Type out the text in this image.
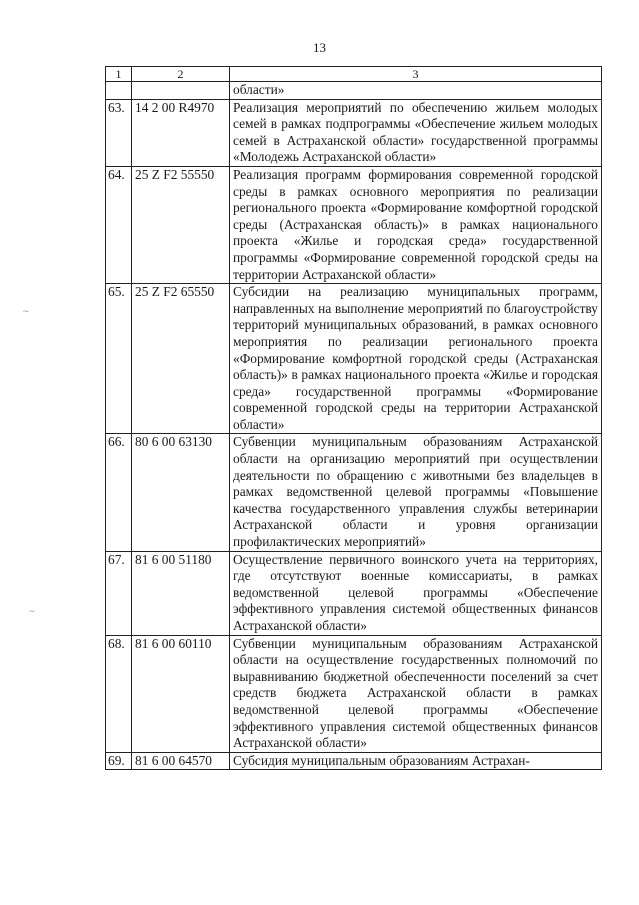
13
∼
∼
1	2	3
		области»
63.	14 2 00 R4970	Реализация мероприятий по обеспечению жильем молодых семей в рамках подпрограммы «Обеспечение жильем молодых семей в Астраханской области» государственной программы «Молодежь Астраханской области»
64.	25 Z F2 55550	Реализация программ формирования современной городской среды в рамках основного мероприятия по реализации регионального проекта «Формирование комфортной городской среды (Астраханская область)» в рамках национального проекта «Жилье и городская среда» государственной программы «Формирование современной городской среды на территории Астраханской области»
65.	25 Z F2 65550	Субсидии на реализацию муниципальных программ, направленных на выполнение мероприятий по благоустройству территорий муниципальных образований, в рамках основного мероприятия по реализации регионального проекта «Формирование комфортной городской среды (Астраханская область)» в рамках национального проекта «Жилье и городская среда» государственной программы «Формирование современной городской среды на территории Астраханской области»
66.	80 6 00 63130	Субвенции муниципальным образованиям Астраханской области на организацию мероприятий при осуществлении деятельности по обращению с животными без владельцев в рамках ведомственной целевой программы «Повышение качества государственного управления службы ветеринарии Астраханской области и уровня организации профилактических мероприятий»
67.	81 6 00 51180	Осуществление первичного воинского учета на территориях, где отсутствуют военные комиссариаты, в рамках ведомственной целевой программы «Обеспечение эффективного управления системой общественных финансов Астраханской области»
68.	81 6 00 60110	Субвенции муниципальным образованиям Астраханской области на осуществление государственных полномочий по выравниванию бюджетной обеспеченности поселений за счет средств бюджета Астраханской области в рамках ведомственной целевой программы «Обеспечение эффективного управления системой общественных финансов Астраханской области»
69.	81 6 00 64570	Субсидия муниципальным образованиям Астрахан-
